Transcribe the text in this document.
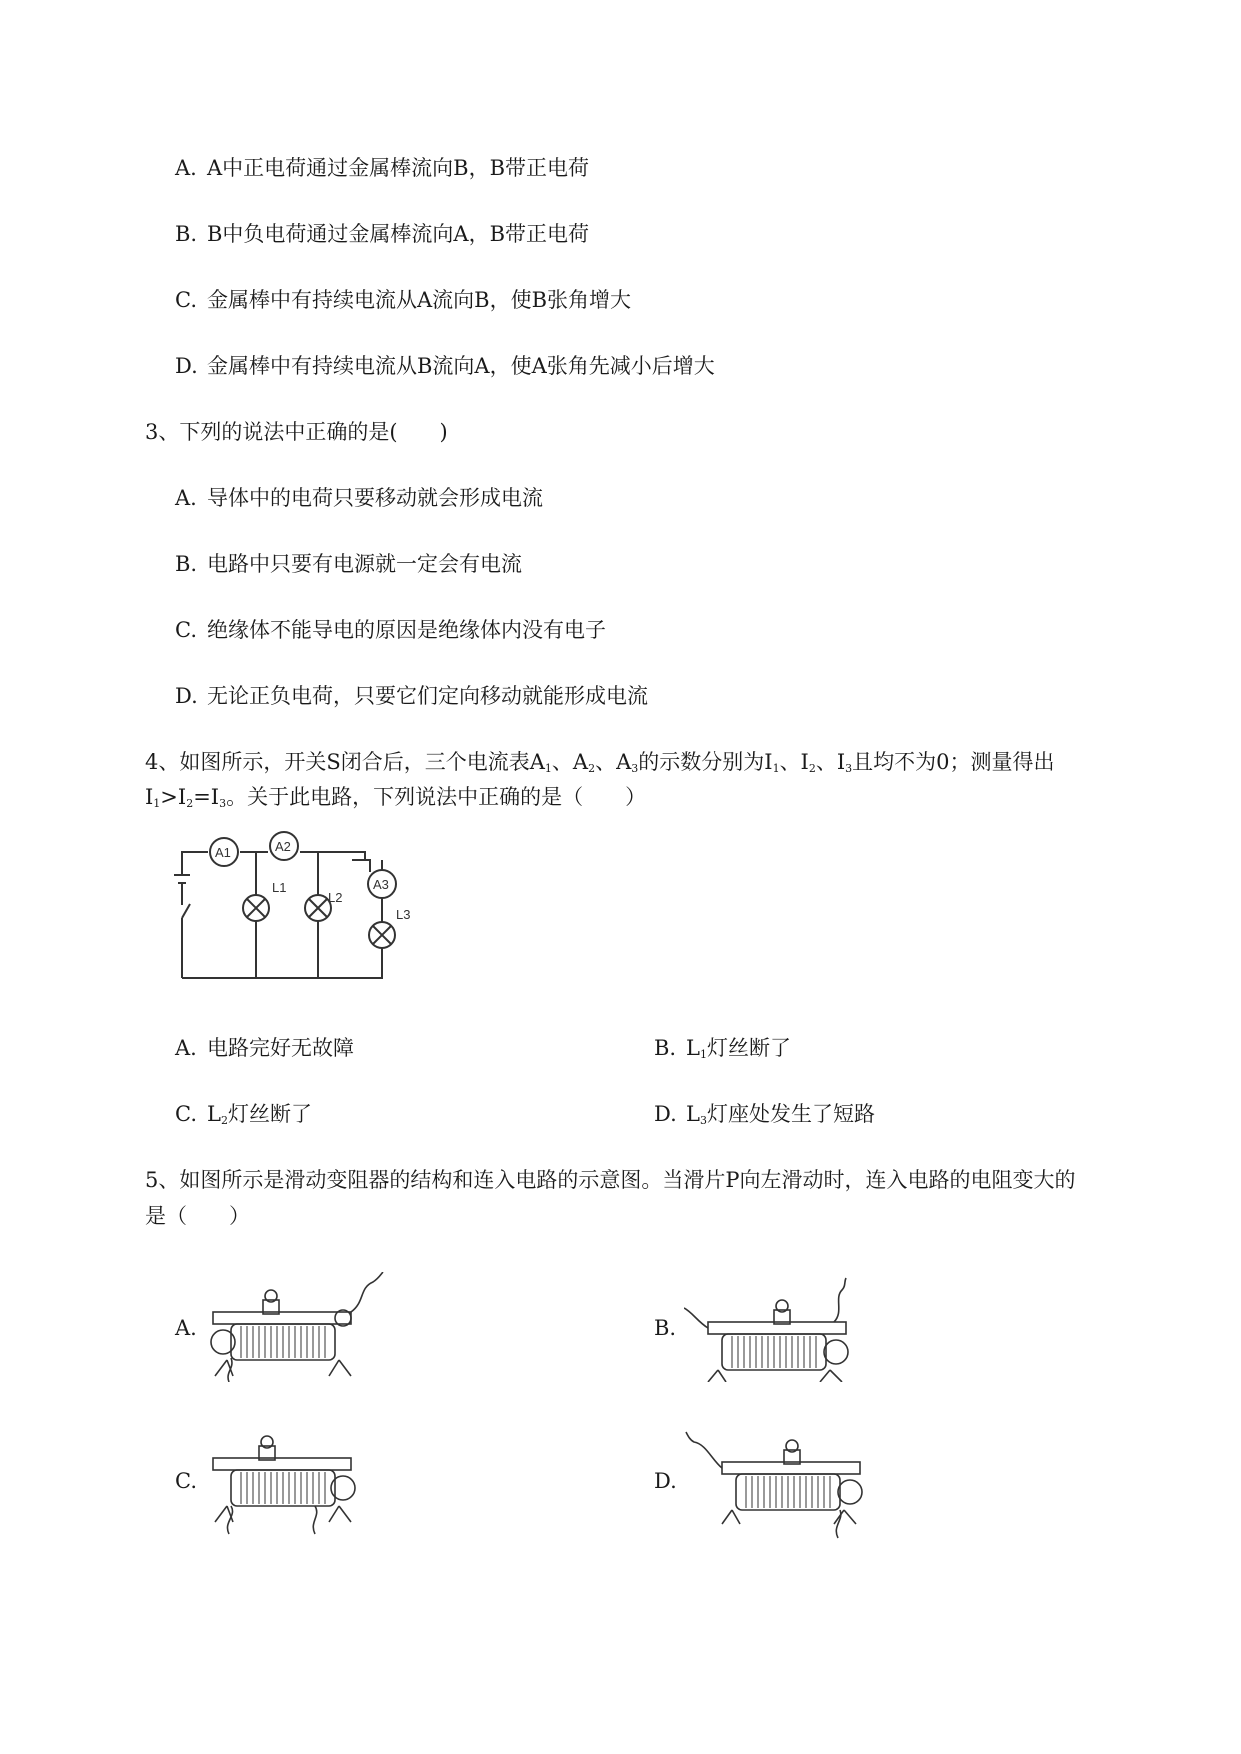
A. A中正电荷通过金属棒流向B，B带正电荷
B. B中负电荷通过金属棒流向A，B带正电荷
C. 金属棒中有持续电流从A流向B，使B张角增大
D. 金属棒中有持续电流从B流向A，使A张角先减小后增大
3、下列的说法中正确的是(　　)
A. 导体中的电荷只要移动就会形成电流
B. 电路中只要有电源就一定会有电流
C. 绝缘体不能导电的原因是绝缘体内没有电子
D. 无论正负电荷，只要它们定向移动就能形成电流
4、如图所示，开关S闭合后，三个电流表$A_1$、$A_2$、$A_3$的示数分别为$I_1$、$I_2$、$I_3$且均不为0；测量得出
$I_1>I_2=I_3$。关于此电路，下列说法中正确的是（　　）
A1	A2
A3
L1
L2
L3
A. 电路完好无故障	B. $L_1$灯丝断了
C. $L_2$灯丝断了	D. $L_3$灯座处发生了短路
5、如图所示是滑动变阻器的结构和连入电路的示意图。当滑片P向左滑动时，连入电路的电阻变大的
是（　　）
A.	B.
C.	D.
